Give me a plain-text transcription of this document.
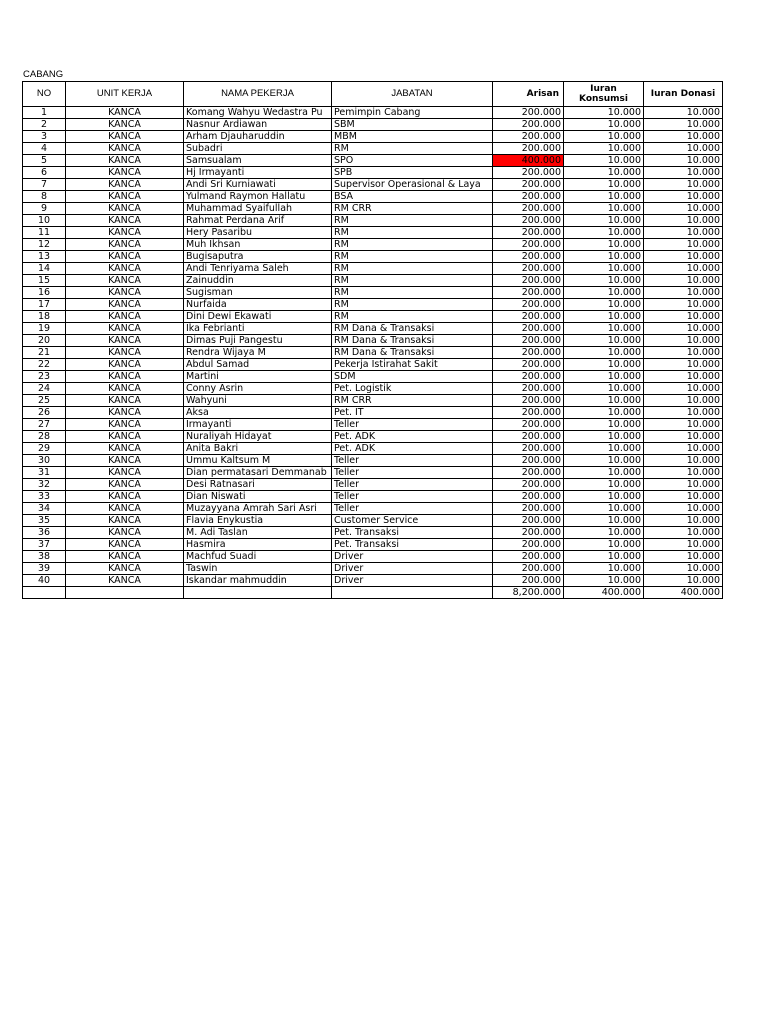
CABANG
NO	UNIT KERJA	NAMA PEKERJA	JABATAN	Arisan	Iuran Konsumsi	Iuran Donasi
1	KANCA	Komang Wahyu Wedastra Pu	Pemimpin Cabang	200.000	10.000	10.000
2	KANCA	Nasnur Ardiawan	SBM	200.000	10.000	10.000
3	KANCA	Arham Djauharuddin	MBM	200.000	10.000	10.000
4	KANCA	Subadri	RM	200.000	10.000	10.000
5	KANCA	Samsualam	SPO	400.000	10.000	10.000
6	KANCA	Hj Irmayanti	SPB	200.000	10.000	10.000
7	KANCA	Andi Sri Kurniawati	Supervisor Operasional & Laya	200.000	10.000	10.000
8	KANCA	Yulmand Raymon Hallatu	BSA	200.000	10.000	10.000
9	KANCA	Muhammad Syaifullah	RM CRR	200.000	10.000	10.000
10	KANCA	Rahmat Perdana Arif	RM	200.000	10.000	10.000
11	KANCA	Hery Pasaribu	RM	200.000	10.000	10.000
12	KANCA	Muh Ikhsan	RM	200.000	10.000	10.000
13	KANCA	Bugisaputra	RM	200.000	10.000	10.000
14	KANCA	Andi Tenriyama Saleh	RM	200.000	10.000	10.000
15	KANCA	Zainuddin	RM	200.000	10.000	10.000
16	KANCA	Sugisman	RM	200.000	10.000	10.000
17	KANCA	Nurfaida	RM	200.000	10.000	10.000
18	KANCA	Dini Dewi Ekawati	RM	200.000	10.000	10.000
19	KANCA	Ika Febrianti	RM Dana & Transaksi	200.000	10.000	10.000
20	KANCA	Dimas Puji Pangestu	RM Dana & Transaksi	200.000	10.000	10.000
21	KANCA	Rendra Wijaya M	RM Dana & Transaksi	200.000	10.000	10.000
22	KANCA	Abdul Samad	Pekerja Istirahat Sakit	200.000	10.000	10.000
23	KANCA	Martini	SDM	200.000	10.000	10.000
24	KANCA	Conny Asrin	Pet. Logistik	200.000	10.000	10.000
25	KANCA	Wahyuni	RM CRR	200.000	10.000	10.000
26	KANCA	Aksa	Pet. IT	200.000	10.000	10.000
27	KANCA	Irmayanti	Teller	200.000	10.000	10.000
28	KANCA	Nuraliyah Hidayat	Pet. ADK	200.000	10.000	10.000
29	KANCA	Anita Bakri	Pet. ADK	200.000	10.000	10.000
30	KANCA	Ummu Kaltsum M	Teller	200.000	10.000	10.000
31	KANCA	Dian permatasari Demmanab	Teller	200.000	10.000	10.000
32	KANCA	Desi Ratnasari	Teller	200.000	10.000	10.000
33	KANCA	Dian Niswati	Teller	200.000	10.000	10.000
34	KANCA	Muzayyana Amrah Sari Asri	Teller	200.000	10.000	10.000
35	KANCA	Flavia Enykustia	Customer Service	200.000	10.000	10.000
36	KANCA	M. Adi Taslan	Pet. Transaksi	200.000	10.000	10.000
37	KANCA	Hasmira	Pet. Transaksi	200.000	10.000	10.000
38	KANCA	Machfud Suadi	Driver	200.000	10.000	10.000
39	KANCA	Taswin	Driver	200.000	10.000	10.000
40	KANCA	Iskandar mahmuddin	Driver	200.000	10.000	10.000
				8,200.000	400.000	400.000
